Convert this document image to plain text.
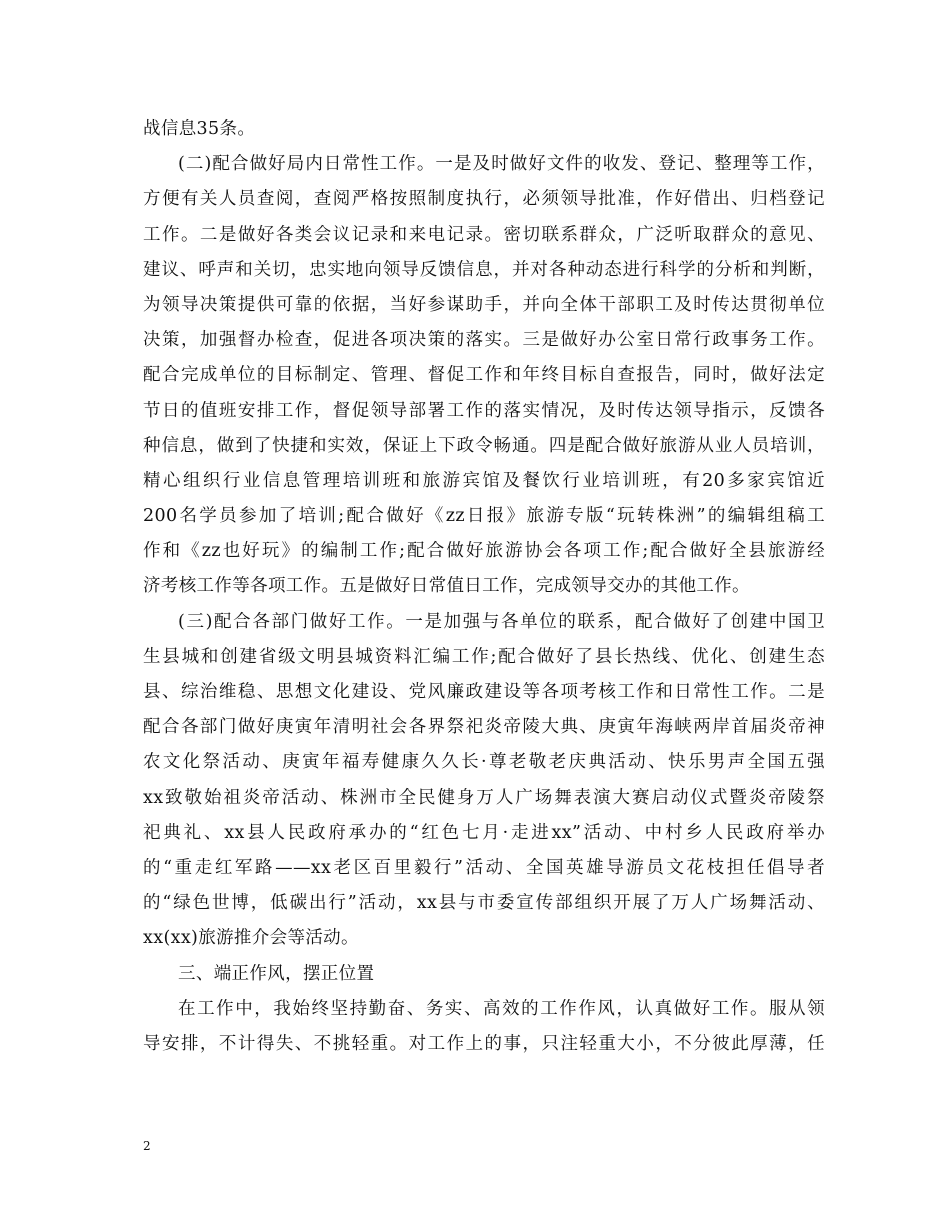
战信息35条。
(二)配合做好局内日常性工作。一是及时做好文件的收发、登记、整理等工作，
方便有关人员查阅，查阅严格按照制度执行，必须领导批准，作好借出、归档登记
工作。二是做好各类会议记录和来电记录。密切联系群众，广泛听取群众的意见、
建议、呼声和关切，忠实地向领导反馈信息，并对各种动态进行科学的分析和判断，
为领导决策提供可靠的依据，当好参谋助手，并向全体干部职工及时传达贯彻单位
决策，加强督办检查，促进各项决策的落实。三是做好办公室日常行政事务工作。
配合完成单位的目标制定、管理、督促工作和年终目标自查报告，同时，做好法定
节日的值班安排工作，督促领导部署工作的落实情况，及时传达领导指示，反馈各
种信息，做到了快捷和实效，保证上下政令畅通。四是配合做好旅游从业人员培训，
精心组织行业信息管理培训班和旅游宾馆及餐饮行业培训班，有20多家宾馆近
200名学员参加了培训;配合做好《zz日报》旅游专版“玩转株洲”的编辑组稿工
作和《zz也好玩》的编制工作;配合做好旅游协会各项工作;配合做好全县旅游经
济考核工作等各项工作。五是做好日常值日工作，完成领导交办的其他工作。
(三)配合各部门做好工作。一是加强与各单位的联系，配合做好了创建中国卫
生县城和创建省级文明县城资料汇编工作;配合做好了县长热线、优化、创建生态
县、综治维稳、思想文化建设、党风廉政建设等各项考核工作和日常性工作。二是
配合各部门做好庚寅年清明社会各界祭祀炎帝陵大典、庚寅年海峡两岸首届炎帝神
农文化祭活动、庚寅年福寿健康久久长·尊老敬老庆典活动、快乐男声全国五强
xx致敬始祖炎帝活动、株洲市全民健身万人广场舞表演大赛启动仪式暨炎帝陵祭
祀典礼、xx县人民政府承办的“红色七月·走进xx”活动、中村乡人民政府举办
的“重走红军路——xx老区百里毅行”活动、全国英雄导游员文花枝担任倡导者
的“绿色世博，低碳出行”活动，xx县与市委宣传部组织开展了万人广场舞活动、
xx(xx)旅游推介会等活动。
三、端正作风，摆正位置
在工作中，我始终坚持勤奋、务实、高效的工作作风，认真做好工作。服从领
导安排，不计得失、不挑轻重。对工作上的事，只注轻重大小，不分彼此厚薄，任
2
